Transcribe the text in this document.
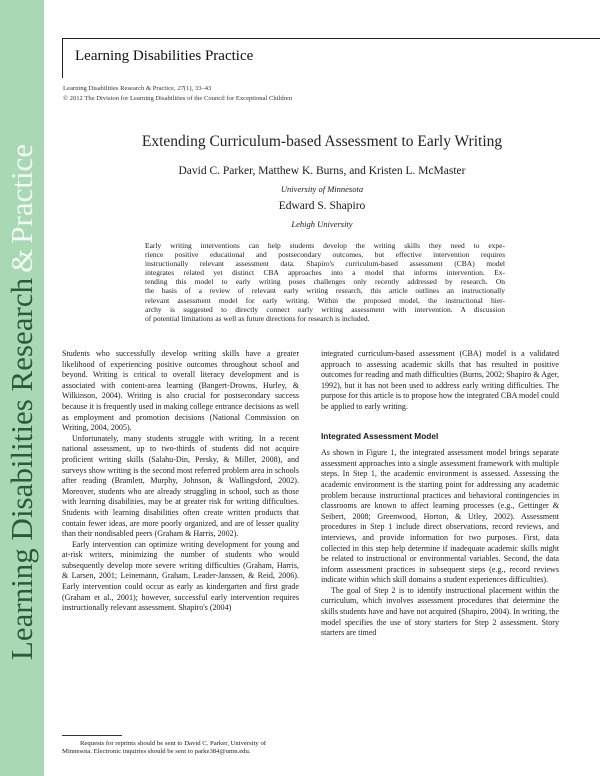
Learning Disabilities Research&Practice
Learning Disabilities Practice
Learning Disabilities Research & Practice, 27(1), 33–43
© 2012 The Division for Learning Disabilities of the Council for Exceptional Children
Extending Curriculum-based Assessment to Early Writing
David C. Parker, Matthew K. Burns, and Kristen L. McMaster
University of Minnesota
Edward S. Shapiro
Lehigh University
Early writing interventions can help students develop the writing skills they need to expe-
rience positive educational and postsecondary outcomes, but effective intervention requires
instructionally relevant assessment data. Shapiro's curriculum-based assessment (CBA) model
integrates related yet distinct CBA approaches into a model that informs intervention. Ex-
tending this model to early writing poses challenges only recently addressed by research. On
the basis of a review of relevant early writing research, this article outlines an instructionally
relevant assessment model for early writing. Within the proposed model, the instructional hier-
archy is suggested to directly connect early writing assessment with intervention. A discussion
of potential limitations as well as future directions for research is included.

Students who successfully develop writing skills have a greater likelihood of experiencing positive outcomes throughout school and beyond. Writing is critical to overall literacy development and is associated with content-area learning (Bangert-Drowns, Hurley, & Wilkinson, 2004). Writing is also crucial for postsecondary success because it is frequently used in making college entrance decisions as well as employment and promotion decisions (National Commission on Writing, 2004, 2005).

Unfortunately, many students struggle with writing. In a recent national assessment, up to two-thirds of students did not acquire proficient writing skills (Salahu-Din, Persky, & Miller, 2008), and surveys show writing is the second most referred problem area in schools after reading (Bramlett, Murphy, Johnson, & Wallingsford, 2002). Moreover, students who are already struggling in school, such as those with learning disabilities, may be at greater risk for writing difficulties. Students with learning disabilities often create written products that contain fewer ideas, are more poorly organized, and are of lesser quality than their nondisabled peers (Graham & Harris, 2002).

Early intervention can optimize writing development for young and at-risk writers, minimizing the number of students who would subsequently develop more severe writing difficulties (Graham, Harris, & Larsen, 2001; Leinemann, Graham, Leader-Janssen, & Reid, 2006). Early intervention could occur as early as kindergarten and first grade (Graham et al., 2001); however, successful early intervention requires instructionally relevant assessment. Shapiro's (2004)

integrated curriculum-based assessment (CBA) model is a validated approach to assessing academic skills that has resulted in positive outcomes for reading and math difficulties (Burns, 2002; Shapiro & Ager, 1992), but it has not been used to address early writing difficulties. The purpose for this article is to propose how the integrated CBA model could be applied to early writing.

Integrated Assessment Model

As shown in Figure 1, the integrated assessment model brings separate assessment approaches into a single assessment framework with multiple steps. In Step 1, the academic environment is assessed. Assessing the academic environment is the starting point for addressing any academic problem because instructional practices and behavioral contingencies in classrooms are known to affect learning processes (e.g., Gettinger & Seibert, 2008; Greenwood, Horton, & Utley, 2002). Assessment procedures in Step 1 include direct observations, record reviews, and interviews, and provide information for two purposes. First, data collected in this step help determine if inadequate academic skills might be related to instructional or environmental variables. Second, the data inform assessment practices in subsequent steps (e.g., record reviews indicate within which skill domains a student experiences difficulties).

The goal of Step 2 is to identify instructional placement within the curriculum, which involves assessment procedures that determine the skills students have and have not acquired (Shapiro, 2004). In writing, the model specifies the use of story starters for Step 2 assessment. Story starters are timed

Requests for reprints should be sent to David C. Parker, University of
Minnesota. Electronic inquiries should be sent to parke384@umn.edu.
